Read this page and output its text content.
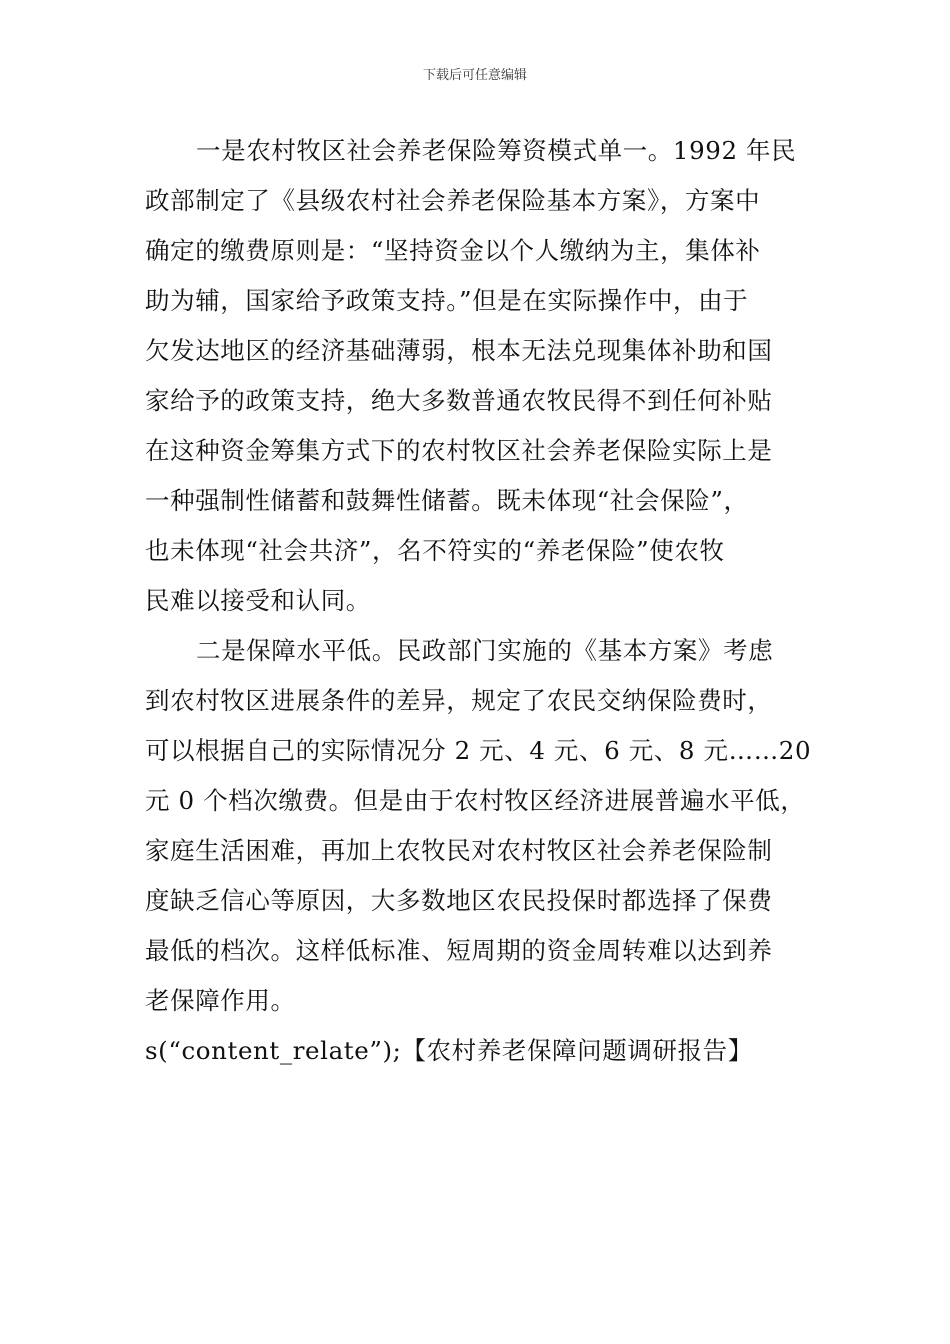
下载后可任意编辑
一是农村牧区社会养老保险筹资模式单一。1992 年民
政部制定了《县级农村社会养老保险基本方案》，方案中
确定的缴费原则是：“坚持资金以个人缴纳为主，集体补
助为辅，国家给予政策支持。”但是在实际操作中，由于
欠发达地区的经济基础薄弱，根本无法兑现集体补助和国
家给予的政策支持，绝大多数普通农牧民得不到任何补贴
在这种资金筹集方式下的农村牧区社会养老保险实际上是
一种强制性储蓄和鼓舞性储蓄。既未体现“社会保险”，
也未体现“社会共济”，名不符实的“养老保险”使农牧
民难以接受和认同。
二是保障水平低。民政部门实施的《基本方案》考虑
到农村牧区进展条件的差异，规定了农民交纳保险费时，
可以根据自己的实际情况分 2 元、4 元、6 元、8 元……20
元 0 个档次缴费。但是由于农村牧区经济进展普遍水平低，
家庭生活困难，再加上农牧民对农村牧区社会养老保险制
度缺乏信心等原因，大多数地区农民投保时都选择了保费
最低的档次。这样低标准、短周期的资金周转难以达到养
老保障作用。
s(“content_relate”);【农村养老保障问题调研报告】
